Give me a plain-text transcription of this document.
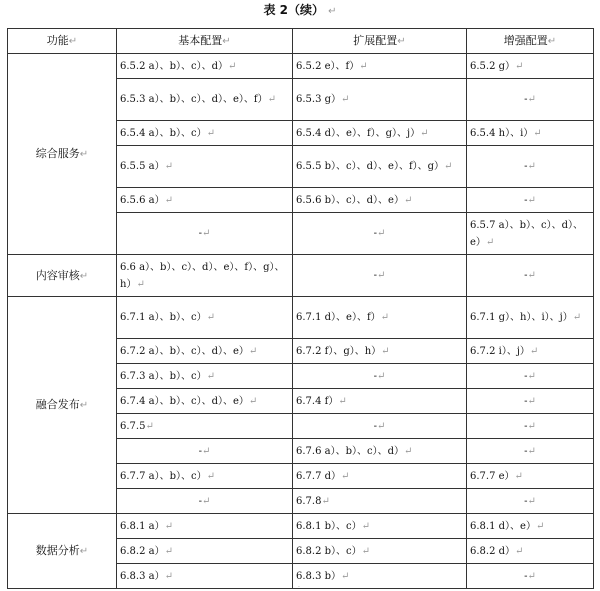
表 2（续） ↵
功能↵	基本配置↵	扩展配置↵	增强配置↵
综合服务↵	6.5.2 a）、b）、c）、d）↵	6.5.2 e）、f）↵	6.5.2 g）↵
	6.5.3 a）、b）、c）、d）、e）、f）↵	6.5.3 g）↵	-↵
	6.5.4 a）、b）、c）↵	6.5.4 d）、e）、f）、g）、j）↵	6.5.4 h）、i）↵
	6.5.5 a）↵	6.5.5 b）、c）、d）、e）、f）、g）↵	-↵
	6.5.6 a）↵	6.5.6 b）、c）、d）、e）↵	-↵
	-↵	-↵	6.5.7 a）、b）、c）、d）、e）↵
内容审核↵	6.6 a）、b）、c）、d）、e）、f）、g）、h）↵	-↵	-↵
融合发布↵	6.7.1 a）、b）、c）↵	6.7.1 d）、e）、f）↵	6.7.1 g）、h）、i）、j）↵
	6.7.2 a）、b）、c）、d）、e）↵	6.7.2 f）、g）、h）↵	6.7.2 i）、j）↵
	6.7.3 a）、b）、c）↵	-↵	-↵
	6.7.4 a）、b）、c）、d）、e）↵	6.7.4 f）↵	-↵
	6.7.5↵	-↵	-↵
	-↵	6.7.6 a）、b）、c）、d）↵	-↵
	6.7.7 a）、b）、c）↵	6.7.7 d）↵	6.7.7 e）↵
	-↵	6.7.8↵	-↵
数据分析↵	6.8.1 a）↵	6.8.1 b）、c）↵	6.8.1 d）、e）↵
	6.8.2 a）↵	6.8.2 b）、c）↵	6.8.2 d）↵
	6.8.3 a）↵	6.8.3 b）↵	-↵
·
